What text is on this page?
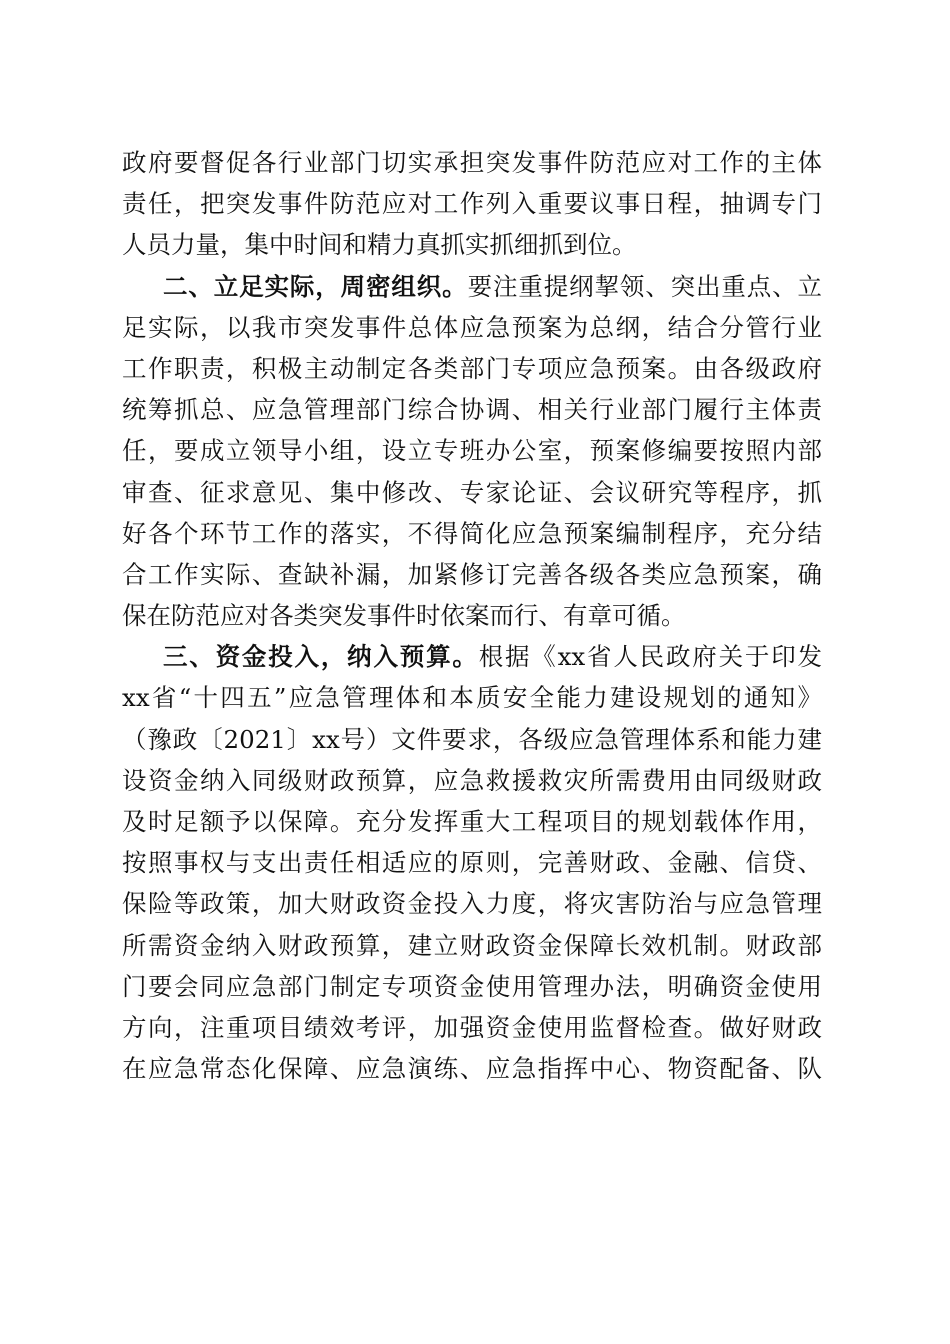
政府要督促各行业部门切实承担突发事件防范应对工作的主体
责任，把突发事件防范应对工作列入重要议事日程，抽调专门
人员力量，集中时间和精力真抓实抓细抓到位。
二、立足实际，周密组织。要注重提纲挈领、突出重点、立
足实际，以我市突发事件总体应急预案为总纲，结合分管行业
工作职责，积极主动制定各类部门专项应急预案。由各级政府
统筹抓总、应急管理部门综合协调、相关行业部门履行主体责
任，要成立领导小组，设立专班办公室，预案修编要按照内部
审查、征求意见、集中修改、专家论证、会议研究等程序，抓
好各个环节工作的落实，不得简化应急预案编制程序，充分结
合工作实际、查缺补漏，加紧修订完善各级各类应急预案，确
保在防范应对各类突发事件时依案而行、有章可循。
三、资金投入，纳入预算。根据《xx省人民政府关于印发
xx省“十四五”应急管理体和本质安全能力建设规划的通知》
（豫政〔2021〕xx号）文件要求，各级应急管理体系和能力建
设资金纳入同级财政预算，应急救援救灾所需费用由同级财政
及时足额予以保障。充分发挥重大工程项目的规划载体作用，
按照事权与支出责任相适应的原则，完善财政、金融、信贷、
保险等政策，加大财政资金投入力度，将灾害防治与应急管理
所需资金纳入财政预算，建立财政资金保障长效机制。财政部
门要会同应急部门制定专项资金使用管理办法，明确资金使用
方向，注重项目绩效考评，加强资金使用监督检查。做好财政
在应急常态化保障、应急演练、应急指挥中心、物资配备、队
